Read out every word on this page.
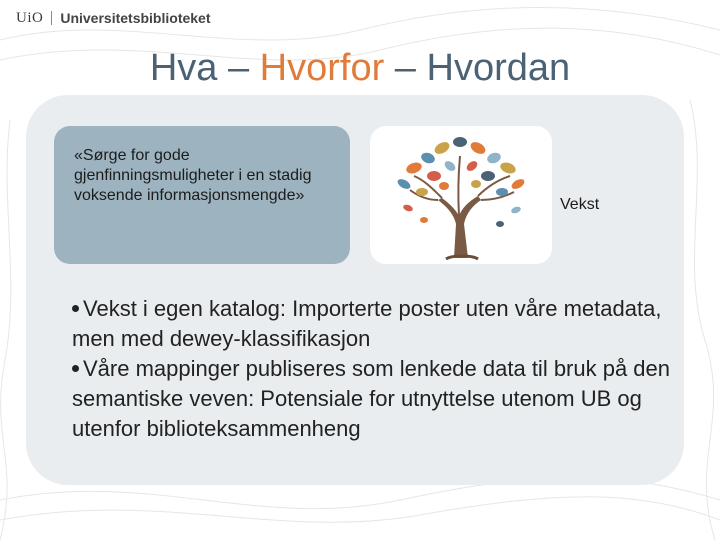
UiO Universitetsbiblioteket
Hva – Hvorfor – Hvordan
«Sørge for gode gjenfinningsmuligheter i en stadig voksende informasjonsmengde»
Vekst

Vekst i egen katalog: Importerte poster uten våre metadata, men med dewey-klassifikasjon

Våre mappinger publiseres som lenkede data til bruk på den semantiske veven: Potensiale for utnyttelse utenom UB og utenfor biblioteksammenheng
